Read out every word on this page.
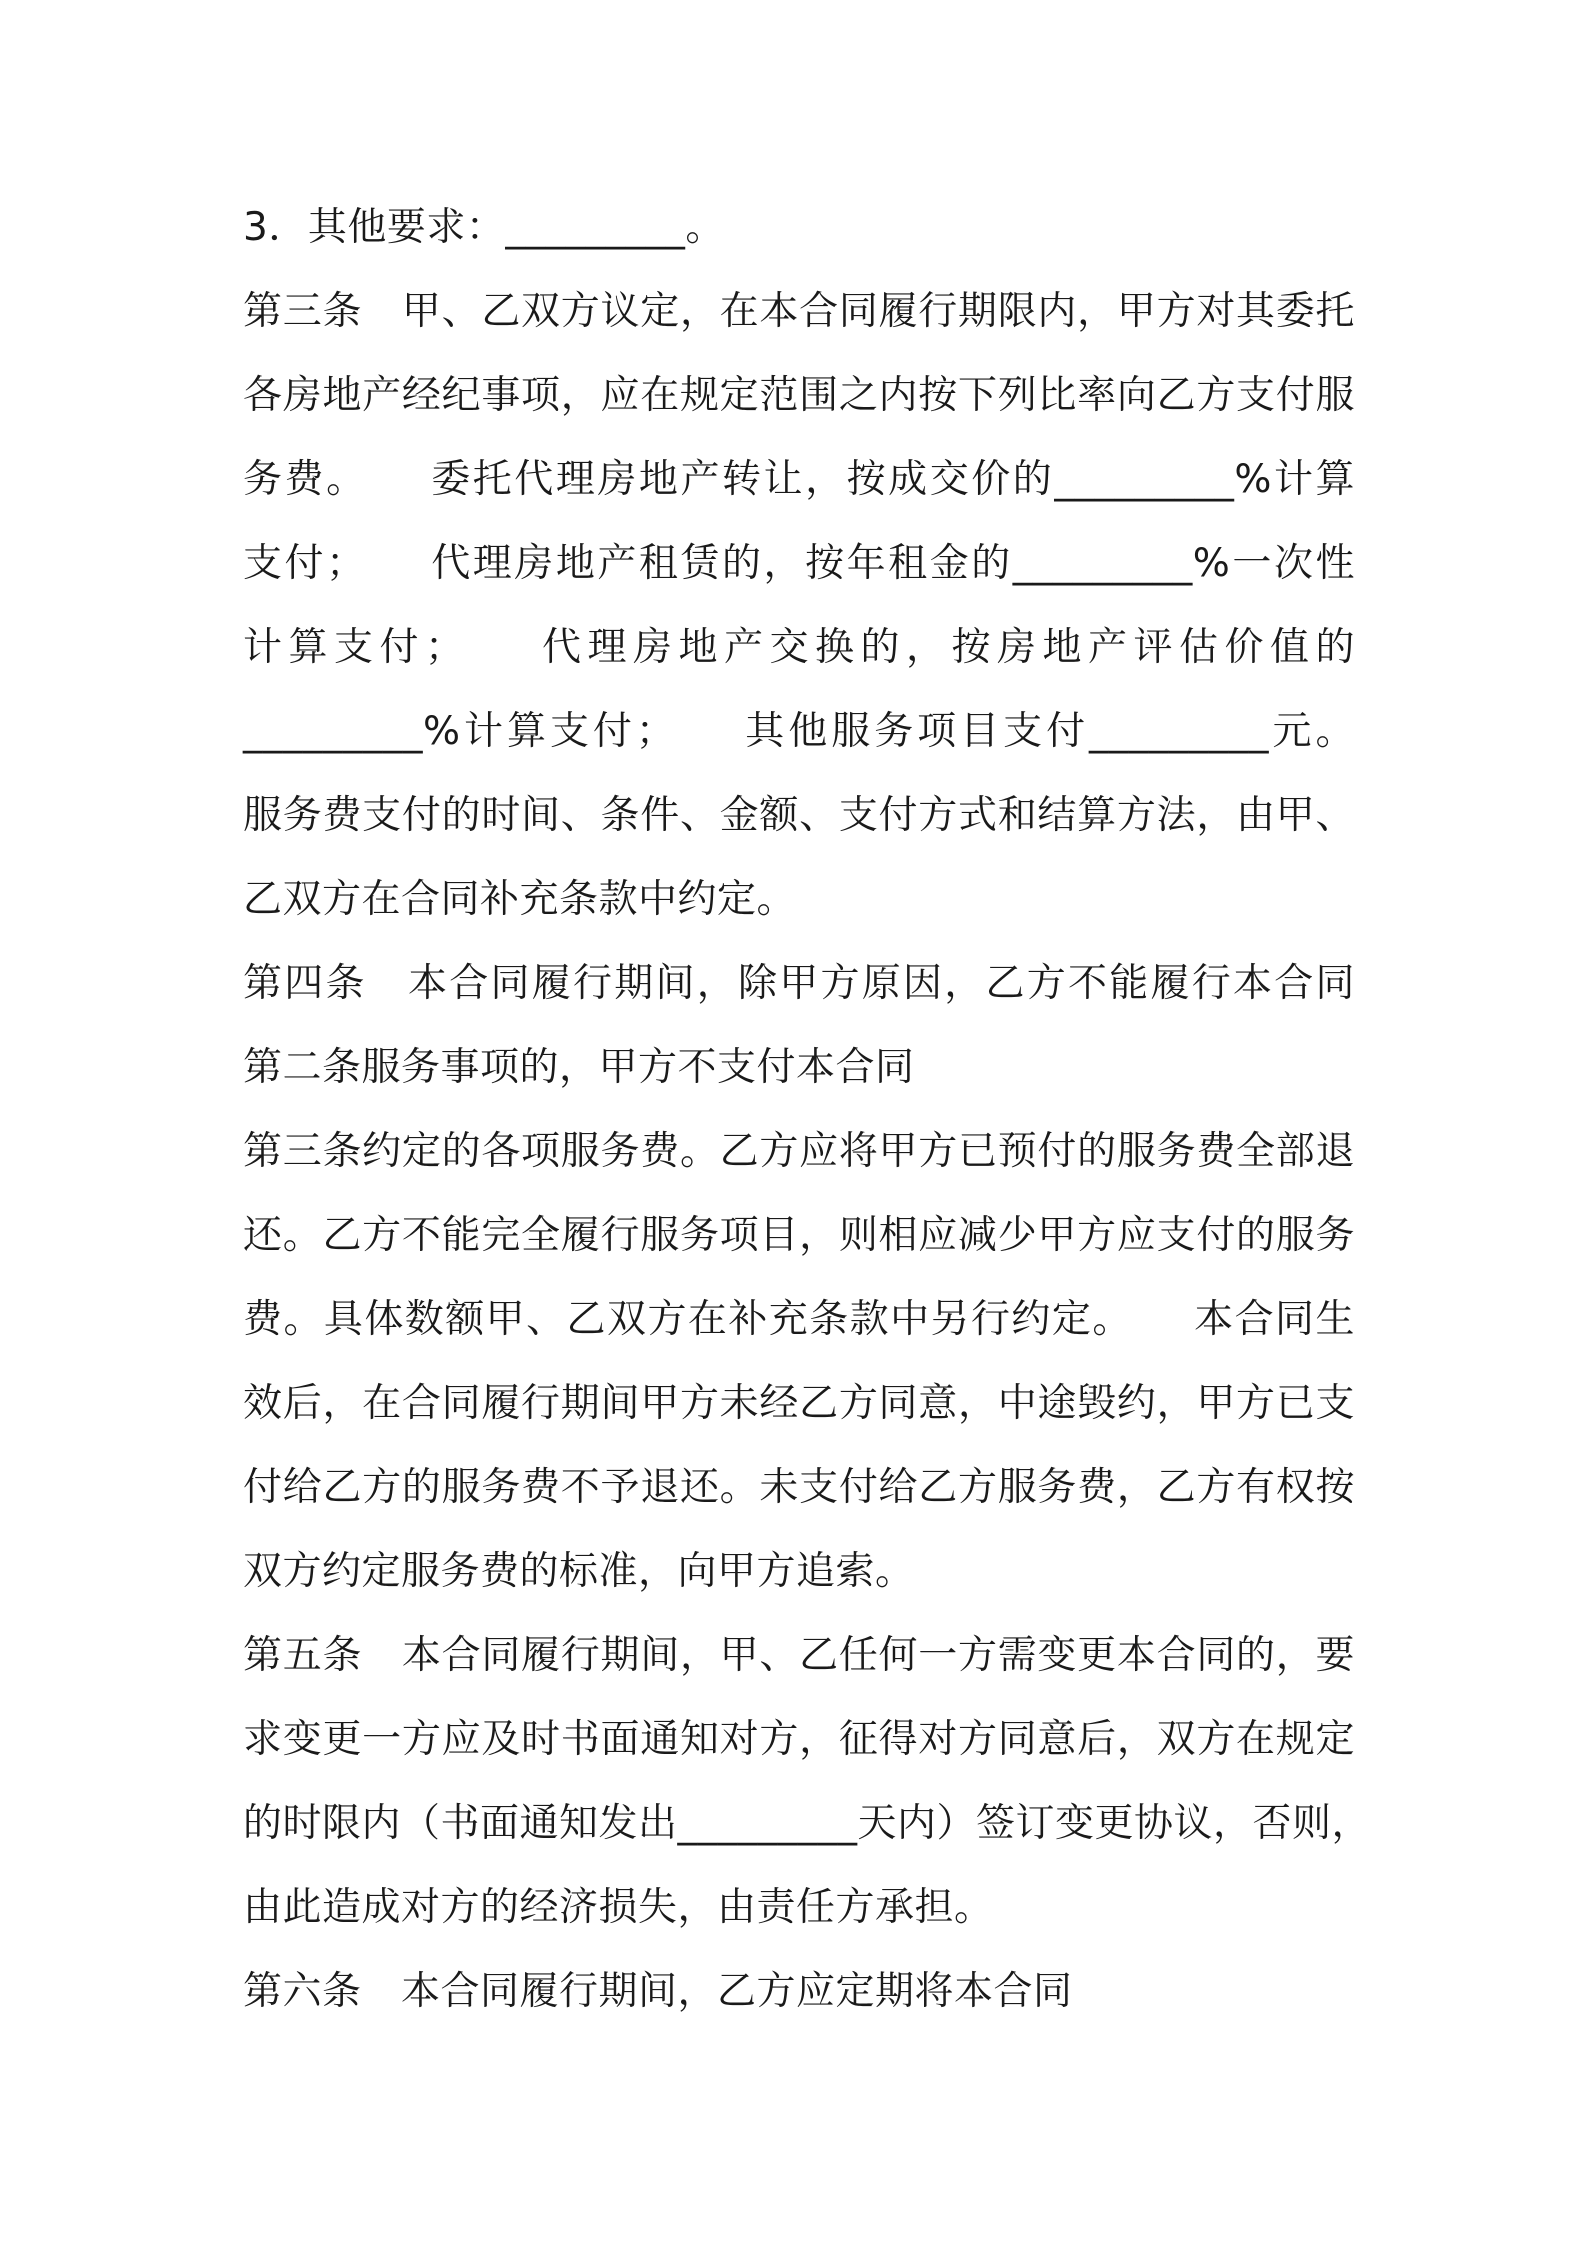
3．其他要求：_________。
第三条　甲、乙双方议定，在本合同履行期限内，甲方对其委托
各房地产经纪事项，应在规定范围之内按下列比率向乙方支付服
务费。　　委托代理房地产转让，按成交价的_________%计算
支付；　　代理房地产租赁的，按年租金的_________%一次性
计算支付；　　代理房地产交换的，按房地产评估价值的
_________%计算支付；　　其他服务项目支付_________元。
服务费支付的时间、条件、金额、支付方式和结算方法，由甲、
乙双方在合同补充条款中约定。
第四条　本合同履行期间，除甲方原因，乙方不能履行本合同
第二条服务事项的，甲方不支付本合同
第三条约定的各项服务费。乙方应将甲方已预付的服务费全部退
还。乙方不能完全履行服务项目，则相应减少甲方应支付的服务
费。具体数额甲、乙双方在补充条款中另行约定。　　本合同生
效后，在合同履行期间甲方未经乙方同意，中途毁约，甲方已支
付给乙方的服务费不予退还。未支付给乙方服务费，乙方有权按
双方约定服务费的标准，向甲方追索。
第五条　本合同履行期间，甲、乙任何一方需变更本合同的，要
求变更一方应及时书面通知对方，征得对方同意后，双方在规定
的时限内（书面通知发出_________天内）签订变更协议，否则，
由此造成对方的经济损失，由责任方承担。
第六条　本合同履行期间，乙方应定期将本合同
